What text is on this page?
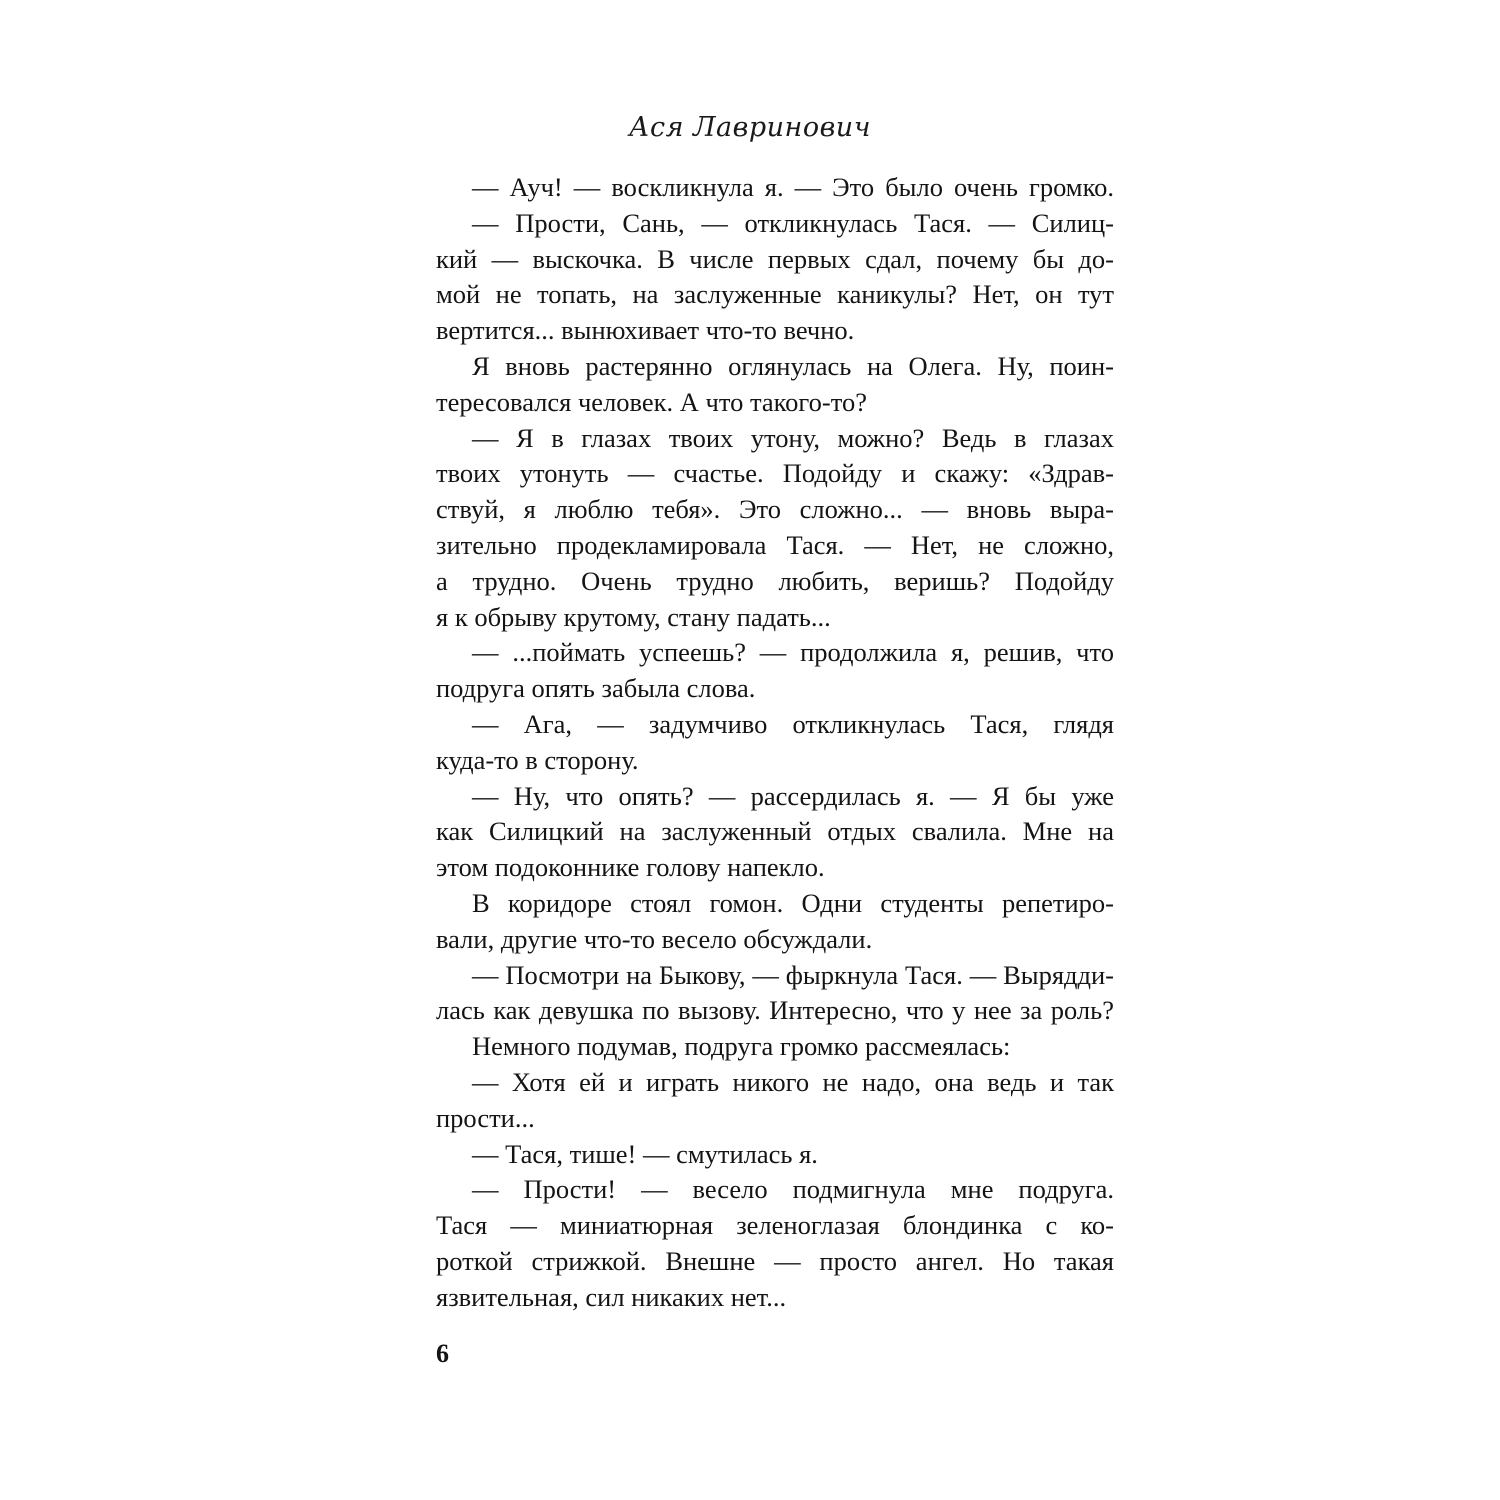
Ася Лавринович
— Ауч! — воскликнула я. — Это было очень громко.
— Прости, Сань, — откликнулась Тася. — Силиц-
кий — выскочка. В числе первых сдал, почему бы до-
мой не топать, на заслуженные каникулы? Нет, он тут
вертится... вынюхивает что-то вечно.
Я вновь растерянно оглянулась на Олега. Ну, поин-
тересовался человек. А что такого-то?
— Я в глазах твоих утону, можно? Ведь в глазах
твоих утонуть — счастье. Подойду и скажу: «Здрав-
ствуй, я люблю тебя». Это сложно... — вновь выра-
зительно продекламировала Тася. — Нет, не сложно,
а трудно. Очень трудно любить, веришь? Подойду
я к обрыву крутому, стану падать...
— ...поймать успеешь? — продолжила я, решив, что
подруга опять забыла слова.
— Ага, — задумчиво откликнулась Тася, глядя
куда-то в сторону.
— Ну, что опять? — рассердилась я. — Я бы уже
как Силицкий на заслуженный отдых свалила. Мне на
этом подоконнике голову напекло.
В коридоре стоял гомон. Одни студенты репетиро-
вали, другие что-то весело обсуждали.
— Посмотри на Быкову, — фыркнула Тася. — Вырядди-
лась как девушка по вызову. Интересно, что у нее за роль?
Немного подумав, подруга громко рассмеялась:
— Хотя ей и играть никого не надо, она ведь и так
прости...
— Тася, тише! — смутилась я.
— Прости! — весело подмигнула мне подруга.
Тася — миниатюрная зеленоглазая блондинка с ко-
роткой стрижкой. Внешне — просто ангел. Но такая
язвительная, сил никаких нет...
6
